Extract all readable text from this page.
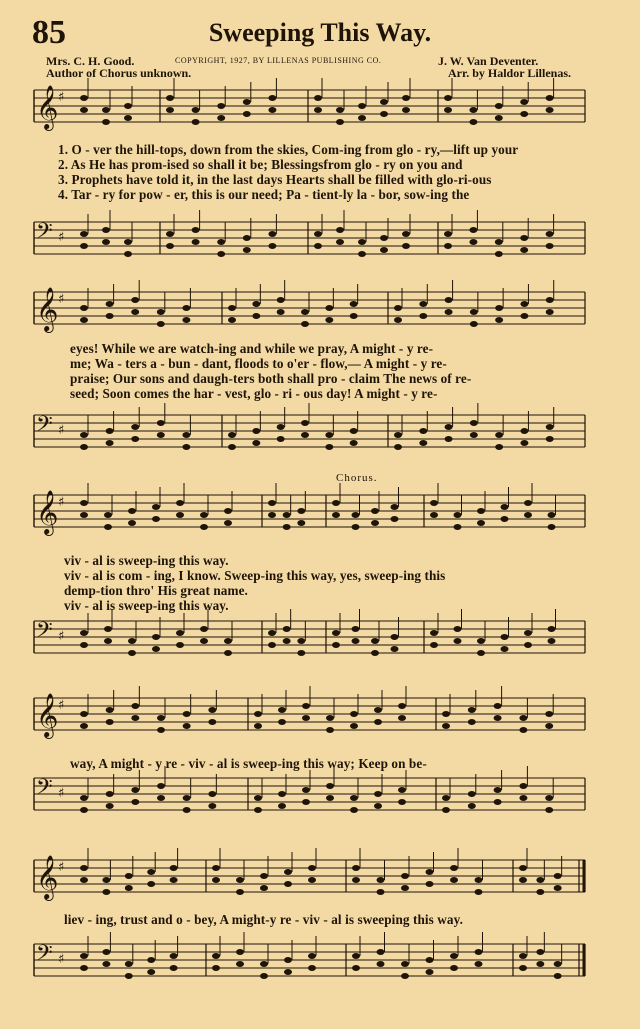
85	Sweeping This Way.
Mrs. C. H. Good.
Author of Chorus unknown.
COPYRIGHT, 1927, BY LILLENAS PUBLISHING CO.	J. W. Van Deventer.
Arr. by Haldor Lillenas.
Chorus.
𝄞 ♯
𝄢 ♯
𝄞 ♯
𝄢 ♯
𝄞 ♯
𝄢 ♯
𝄞 ♯
𝄢 ♯
𝄞 ♯
𝄢 ♯
1. O - ver the hill-tops, down from the skies, Com-ing from glo - ry,—lift up your
2. As He has prom-ised so shall it be; Blessingsfrom glo - ry on you and
3. Prophets have told it, in the last days Hearts shall be filled with glo-ri-ous
4. Tar - ry for pow - er, this is our need; Pa - tient-ly la - bor, sow-ing the
eyes! While we are watch-ing and while we pray, A might - y re-
me; Wa - ters a - bun - dant, floods to o'er - flow,— A might - y re-
praise; Our sons and daugh-ters both shall pro - claim The news of re-
seed; Soon comes the har - vest, glo - ri - ous day! A might - y re-
viv - al is sweep-ing this way.
viv - al is com - ing, I know. Sweep-ing this way, yes, sweep-ing this
demp-tion thro' His great name.
viv - al is sweep-ing this way.
way, A might - y re - viv - al is sweep-ing this way; Keep on be-
liev - ing, trust and o - bey, A might-y re - viv - al is sweeping this way.
